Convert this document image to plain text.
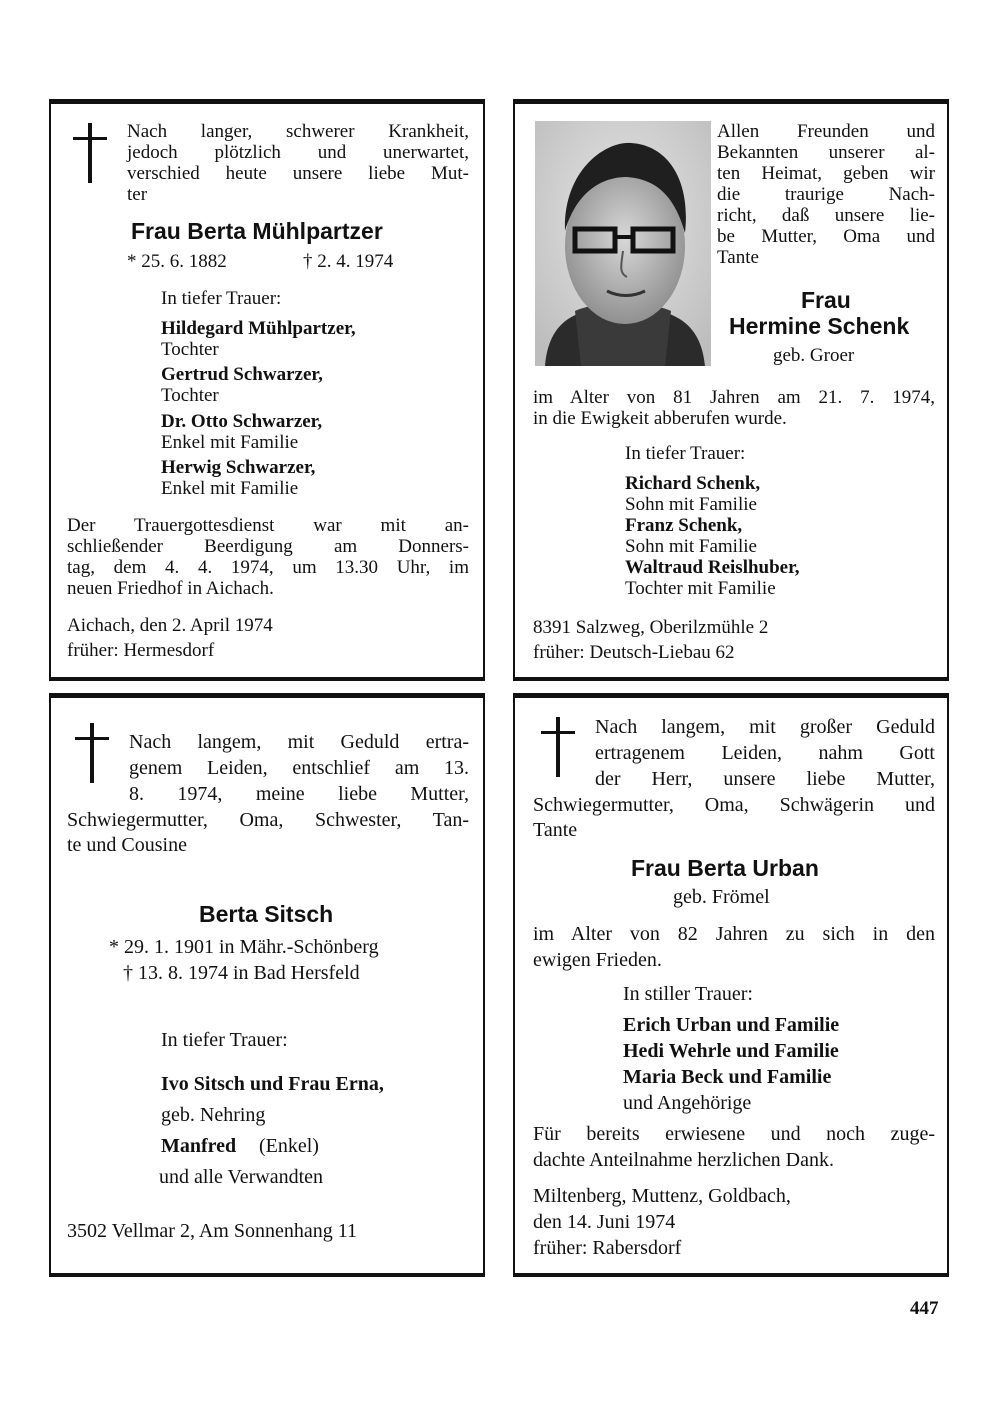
Nach langer, schwerer Krankheit,
jedoch plötzlich und unerwartet,
verschied heute unsere liebe Mut-
ter
Frau Berta Mühlpartzer
* 25. 6. 1882	† 2. 4. 1974
In tiefer Trauer:
Hildegard Mühlpartzer,
Tochter
Gertrud Schwarzer,
Tochter
Dr. Otto Schwarzer,
Enkel mit Familie
Herwig Schwarzer,
Enkel mit Familie
Der Trauergottesdienst war mit an-
schließender Beerdigung am Donners-
tag, dem 4. 4. 1974, um 13.30 Uhr, im
neuen Friedhof in Aichach.
Aichach, den 2. April 1974
früher: Hermesdorf
Allen Freunden und
Bekannten unserer al-
ten Heimat, geben wir
die traurige Nach-
richt, daß unsere lie-
be Mutter, Oma und
Tante
Frau
Hermine Schenk
geb. Groer
im Alter von 81 Jahren am 21. 7. 1974,
in die Ewigkeit abberufen wurde.
In tiefer Trauer:
Richard Schenk,
Sohn mit Familie
Franz Schenk,
Sohn mit Familie
Waltraud Reislhuber,
Tochter mit Familie
8391 Salzweg, Oberilzmühle 2
früher: Deutsch-Liebau 62
Nach langem, mit Geduld ertra-
genem Leiden, entschlief am 13.
8. 1974, meine liebe Mutter,
Schwiegermutter, Oma, Schwester, Tan-
te und Cousine
Berta Sitsch
* 29. 1. 1901 in Mähr.-Schönberg
† 13. 8. 1974 in Bad Hersfeld
In tiefer Trauer:
Ivo Sitsch und Frau Erna,
geb. Nehring
Manfred (Enkel)
und alle Verwandten
3502 Vellmar 2, Am Sonnenhang 11
Nach langem, mit großer Geduld
ertragenem Leiden, nahm Gott
der Herr, unsere liebe Mutter,
Schwiegermutter, Oma, Schwägerin und
Tante
Frau Berta Urban
geb. Frömel
im Alter von 82 Jahren zu sich in den
ewigen Frieden.
In stiller Trauer:
Erich Urban und Familie
Hedi Wehrle und Familie
Maria Beck und Familie
und Angehörige
Für bereits erwiesene und noch zuge-
dachte Anteilnahme herzlichen Dank.
Miltenberg, Muttenz, Goldbach,
den 14. Juni 1974
früher: Rabersdorf
447
